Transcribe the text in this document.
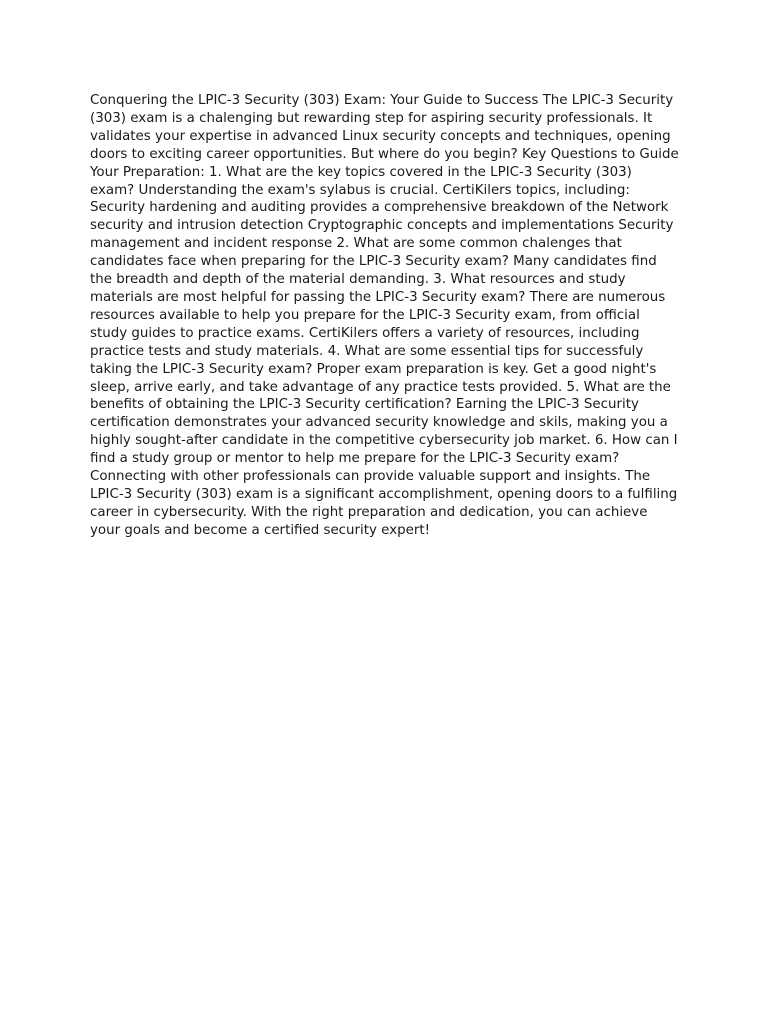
Conquering the LPIC-3 Security (303) Exam: Your Guide to Success The LPIC-3 Security (303) exam is a chalenging but rewarding step for aspiring security professionals. It validates your expertise in advanced Linux security concepts and techniques, opening doors to exciting career opportunities. But where do you begin? Key Questions to Guide Your Preparation: 1. What are the key topics covered in the LPIC-3 Security (303) exam? Understanding the exam's sylabus is crucial. CertiKilers topics, including: Security hardening and auditing provides a comprehensive breakdown of the Network security and intrusion detection Cryptographic concepts and implementations Security management and incident response 2. What are some common chalenges that candidates face when preparing for the LPIC-3 Security exam? Many candidates find the breadth and depth of the material demanding. 3. What resources and study materials are most helpful for passing the LPIC-3 Security exam? There are numerous resources available to help you prepare for the LPIC-3 Security exam, from official study guides to practice exams. CertiKilers offers a variety of resources, including practice tests and study materials. 4. What are some essential tips for successfuly taking the LPIC-3 Security exam? Proper exam preparation is key. Get a good night's sleep, arrive early, and take advantage of any practice tests provided. 5. What are the benefits of obtaining the LPIC-3 Security certification? Earning the LPIC-3 Security certification demonstrates your advanced security knowledge and skils, making you a highly sought-after candidate in the competitive cybersecurity job market. 6. How can I find a study group or mentor to help me prepare for the LPIC-3 Security exam? Connecting with other professionals can provide valuable support and insights. The LPIC-3 Security (303) exam is a significant accomplishment, opening doors to a fulfiling career in cybersecurity. With the right preparation and dedication, you can achieve your goals and become a certified security expert!
